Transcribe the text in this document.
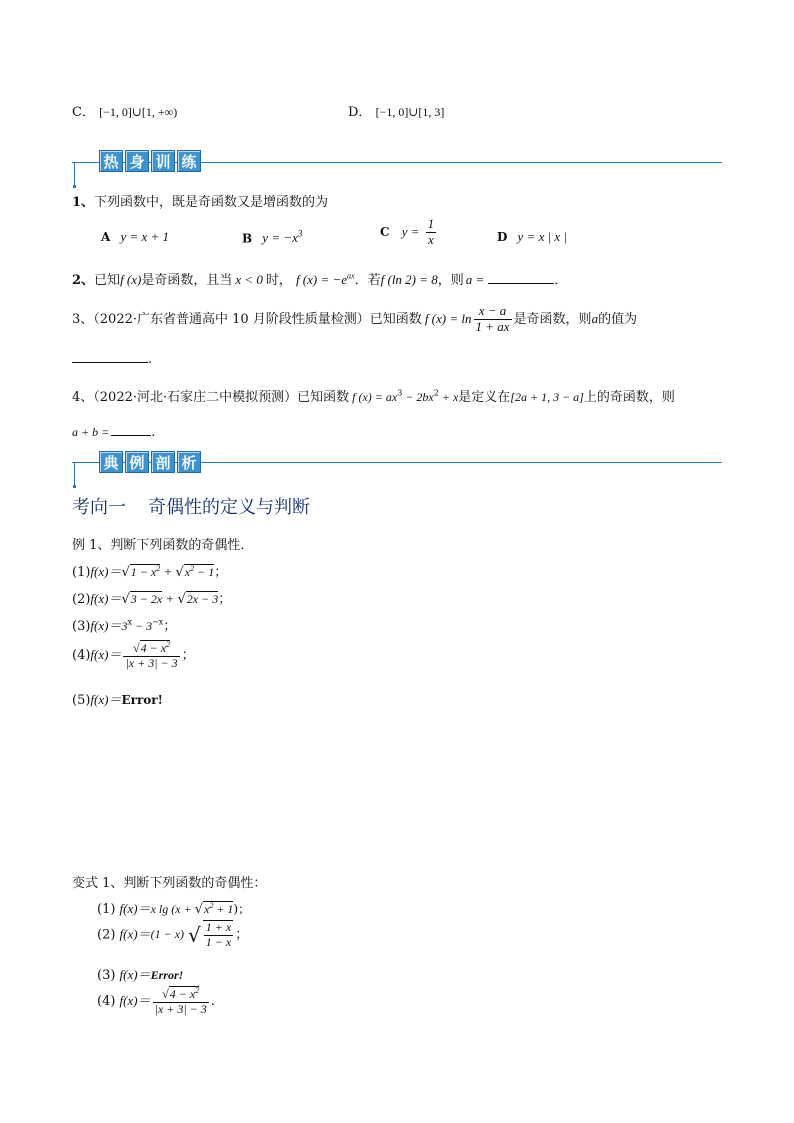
C． [−1, 0]∪[1, +∞)	D． [−1, 0]∪[1, 3]
热 身 训 练
1、下列函数中，既是奇函数又是增函数的为
A y = x + 1	B $y = -x^3$	C $y = \frac{1}{x}$	D y = x | x |
2、已知f (x)是奇函数，且当 x < 0 时， f $(x) = -e^{ax}$．若f (ln 2) = 8，则 a =	．
3、（2022·广东省普通高中 10 月阶段性质量检测）已知函数 f $(x) = \ln \frac{x - a}{1 + ax}$ 是奇函数，则a的值为
.
4、（2022·河北·石家庄二中模拟预测）已知函数 f $(x) = ax^3 - 2bx^2 + x$是定义在[2a + 1, 3 − a]上的奇函数，则
a + b =	.
典 例 剖 析
考向一 奇偶性的定义与判断
例 1、判断下列函数的奇偶性．
$(1)f(x)=√1 - x^2 + √x^2 - 1$；
(2)f(x)＝√3 − 2x + √2x − 3；
$(3)f(x)=3^x - 3^{-x}$；
$(4)f(x)= \frac{√4 - x^2}{|x + 3| - 3}$ ；
(5)f(x)＝Error!
变式 1、判断下列函数的奇偶性：
(1) f(x)＝x $\lg (x + √x^2 + 1)$；
(2) f(x)＝(1 − x) √ $\frac{1 + x}{1 - x}$ ；
(3) f(x)＝Error!
(4) $f(x)= \frac{√4 - x^2}{|x + 3| - 3}$ .
